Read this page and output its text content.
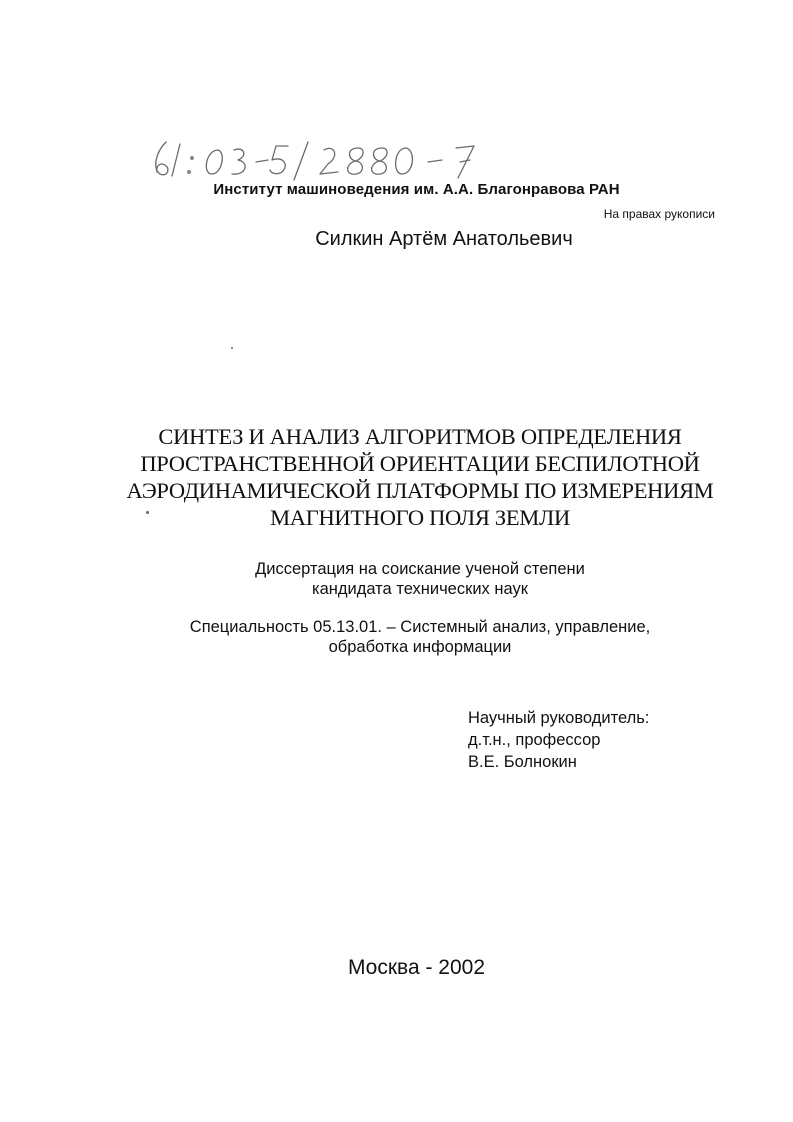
Институт машиноведения им. А.А. Благонравова РАН
На правах рукописи
Силкин Артём Анатольевич
СИНТЕЗ И АНАЛИЗ АЛГОРИТМОВ ОПРЕДЕЛЕНИЯ
ПРОСТРАНСТВЕННОЙ ОРИЕНТАЦИИ БЕСПИЛОТНОЙ
АЭРОДИНАМИЧЕСКОЙ ПЛАТФОРМЫ ПО ИЗМЕРЕНИЯМ
МАГНИТНОГО ПОЛЯ ЗЕМЛИ
Диссертация на соискание ученой степени
кандидата технических наук
Специальность 05.13.01. – Системный анализ, управление,
обработка информации
Научный руководитель:
д.т.н., профессор
В.Е. Болнокин
Москва - 2002
